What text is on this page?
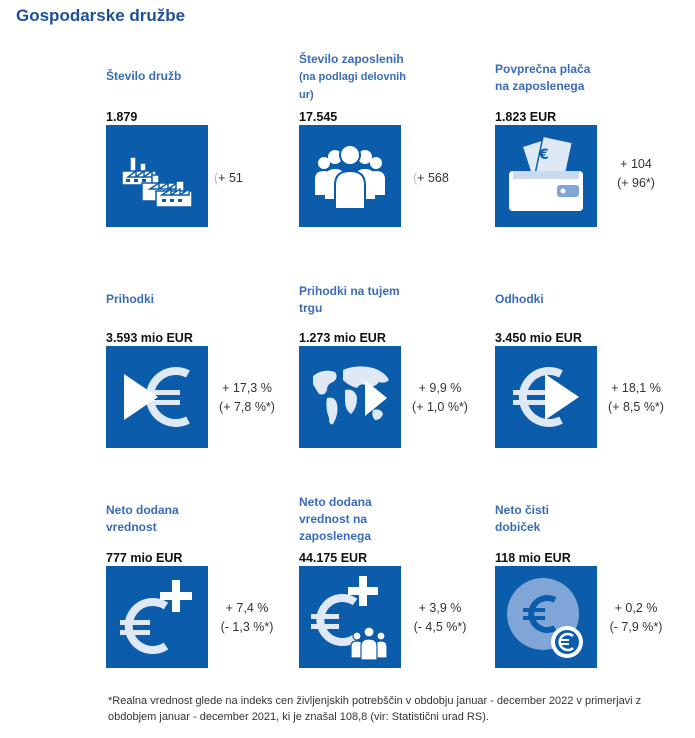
Gospodarske družbe
Število družb
1.879
(+ 51
Število zaposlenih
(na podlagi delovnih ur)
17.545
(+ 568
Povprečna plača na zaposlenega
1.823 EUR
€
+ 104
(+ 96*)
Prihodki
3.593 mio EUR
+ 17,3 %
(+ 7,8 %*)
Prihodki na tujem trgu
1.273 mio EUR
+ 9,9 %
(+ 1,0 %*)
Odhodki
3.450 mio EUR
+ 18,1 %
(+ 8,5 %*)
Neto dodana vrednost
777 mio EUR
+ 7,4 %
(- 1,3 %*)
Neto dodana vrednost na zaposlenega
44.175 EUR
+ 3,9 %
(- 4,5 %*)
Neto čisti dobiček
118 mio EUR
+ 0,2 %
(- 7,9 %*)
*Realna vrednost glede na indeks cen življenjskih potrebščin v obdobju januar - december 2022 v primerjavi z obdobjem januar - december 2021, ki je znašal 108,8 (vir: Statistični urad RS).
